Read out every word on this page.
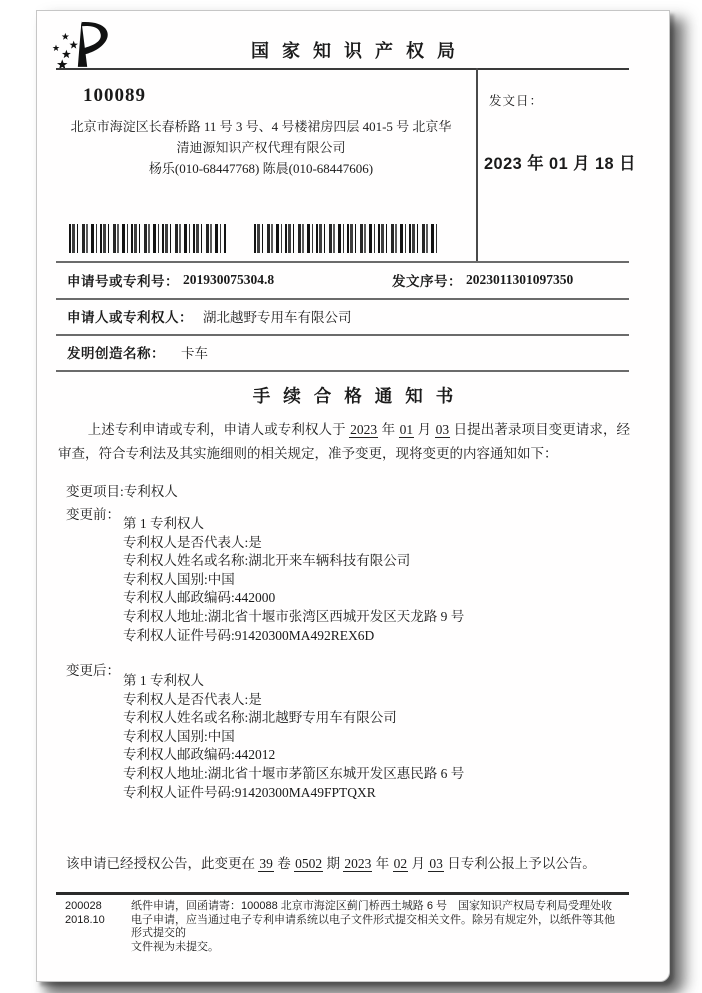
国家知识产权局
100089
北京市海淀区长春桥路 11 号 3 号、4 号楼裙房四层 401-5 号 北京华
清迪源知识产权代理有限公司
杨乐(010-68447768) 陈晨(010-68447606)
发文日：
2023 年 01 月 18 日
申请号或专利号： 201930075304.8	发文序号： 2023011301097350
申请人或专利权人： 湖北越野专用车有限公司
发明创造名称： 卡车
手续合格通知书

上述专利申请或专利，申请人或专利权人于 2023 年 01 月 03 日提出著录项目变更请求，经审查，符合专利法及其实施细则的相关规定，准予变更，现将变更的内容通知如下：

变更项目:专利权人
变更前：
第 1 专利权人
专利权人是否代表人:是
专利权人姓名或名称:湖北开来车辆科技有限公司
专利权人国别:中国
专利权人邮政编码:442000
专利权人地址:湖北省十堰市张湾区西城开发区天龙路 9 号
专利权人证件号码:91420300MA492REX6D
变更后：
第 1 专利权人
专利权人是否代表人:是
专利权人姓名或名称:湖北越野专用车有限公司
专利权人国别:中国
专利权人邮政编码:442012
专利权人地址:湖北省十堰市茅箭区东城开发区惠民路 6 号
专利权人证件号码:91420300MA49FPTQXR
该申请已经授权公告，此变更在 39 卷 0502 期 2023 年 02 月 03 日专利公报上予以公告。
200028
2018.10
纸件申请，回函请寄：100088 北京市海淀区蓟门桥西土城路 6 号　国家知识产权局专利局受理处收
电子申请，应当通过电子专利申请系统以电子文件形式提交相关文件。除另有规定外，以纸件等其他形式提交的
文件视为未提交。
